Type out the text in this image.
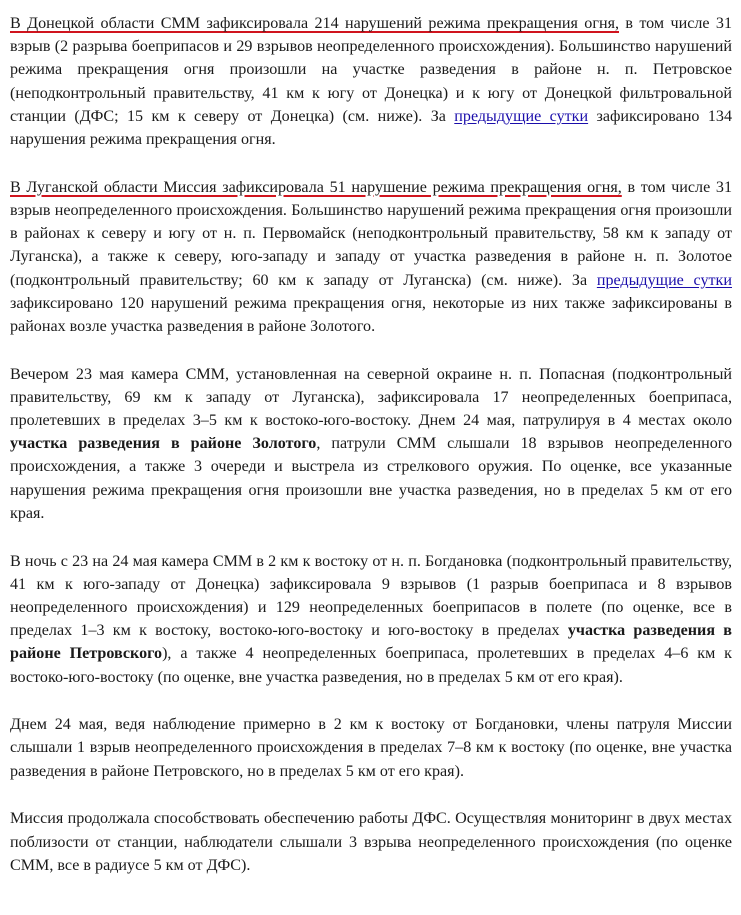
В Донецкой области СММ зафиксировала 214 нарушений режима прекращения огня, в том числе 31 взрыв (2 разрыва боеприпасов и 29 взрывов неопределенного происхождения). Большинство нарушений режима прекращения огня произошли на участке разведения в районе н. п. Петровское (неподконтрольный правительству, 41 км к югу от Донецка) и к югу от Донецкой фильтровальной станции (ДФС; 15 км к северу от Донецка) (см. ниже). За предыдущие сутки зафиксировано 134 нарушения режима прекращения огня.

В Луганской области Миссия зафиксировала 51 нарушение режима прекращения огня, в том числе 31 взрыв неопределенного происхождения. Большинство нарушений режима прекращения огня произошли в районах к северу и югу от н. п. Первомайск (неподконтрольный правительству, 58 км к западу от Луганска), а также к северу, юго-западу и западу от участка разведения в районе н. п. Золотое (подконтрольный правительству; 60 км к западу от Луганска) (см. ниже). За предыдущие сутки зафиксировано 120 нарушений режима прекращения огня, некоторые из них также зафиксированы в районах возле участка разведения в районе Золотого.

Вечером 23 мая камера СММ, установленная на северной окраине н. п. Попасная (подконтрольный правительству, 69 км к западу от Луганска), зафиксировала 17 неопределенных боеприпаса, пролетевших в пределах 3–5 км к востоко-юго-востоку. Днем 24 мая, патрулируя в 4 местах около участка разведения в районе Золотого, патрули СММ слышали 18 взрывов неопределенного происхождения, а также 3 очереди и выстрела из стрелкового оружия. По оценке, все указанные нарушения режима прекращения огня произошли вне участка разведения, но в пределах 5 км от его края.

В ночь с 23 на 24 мая камера СММ в 2 км к востоку от н. п. Богдановка (подконтрольный правительству, 41 км к юго-западу от Донецка) зафиксировала 9 взрывов (1 разрыв боеприпаса и 8 взрывов неопределенного происхождения) и 129 неопределенных боеприпасов в полете (по оценке, все в пределах 1–3 км к востоку, востоко-юго-востоку и юго-востоку в пределах участка разведения в районе Петровского), а также 4 неопределенных боеприпаса, пролетевших в пределах 4–6 км к востоко-юго-востоку (по оценке, вне участка разведения, но в пределах 5 км от его края).

Днем 24 мая, ведя наблюдение примерно в 2 км к востоку от Богдановки, члены патруля Миссии слышали 1 взрыв неопределенного происхождения в пределах 7–8 км к востоку (по оценке, вне участка разведения в районе Петровского, но в пределах 5 км от его края).

Миссия продолжала способствовать обеспечению работы ДФС. Осуществляя мониторинг в двух местах поблизости от станции, наблюдатели слышали 3 взрыва неопределенного происхождения (по оценке СММ, все в радиусе 5 км от ДФС).
